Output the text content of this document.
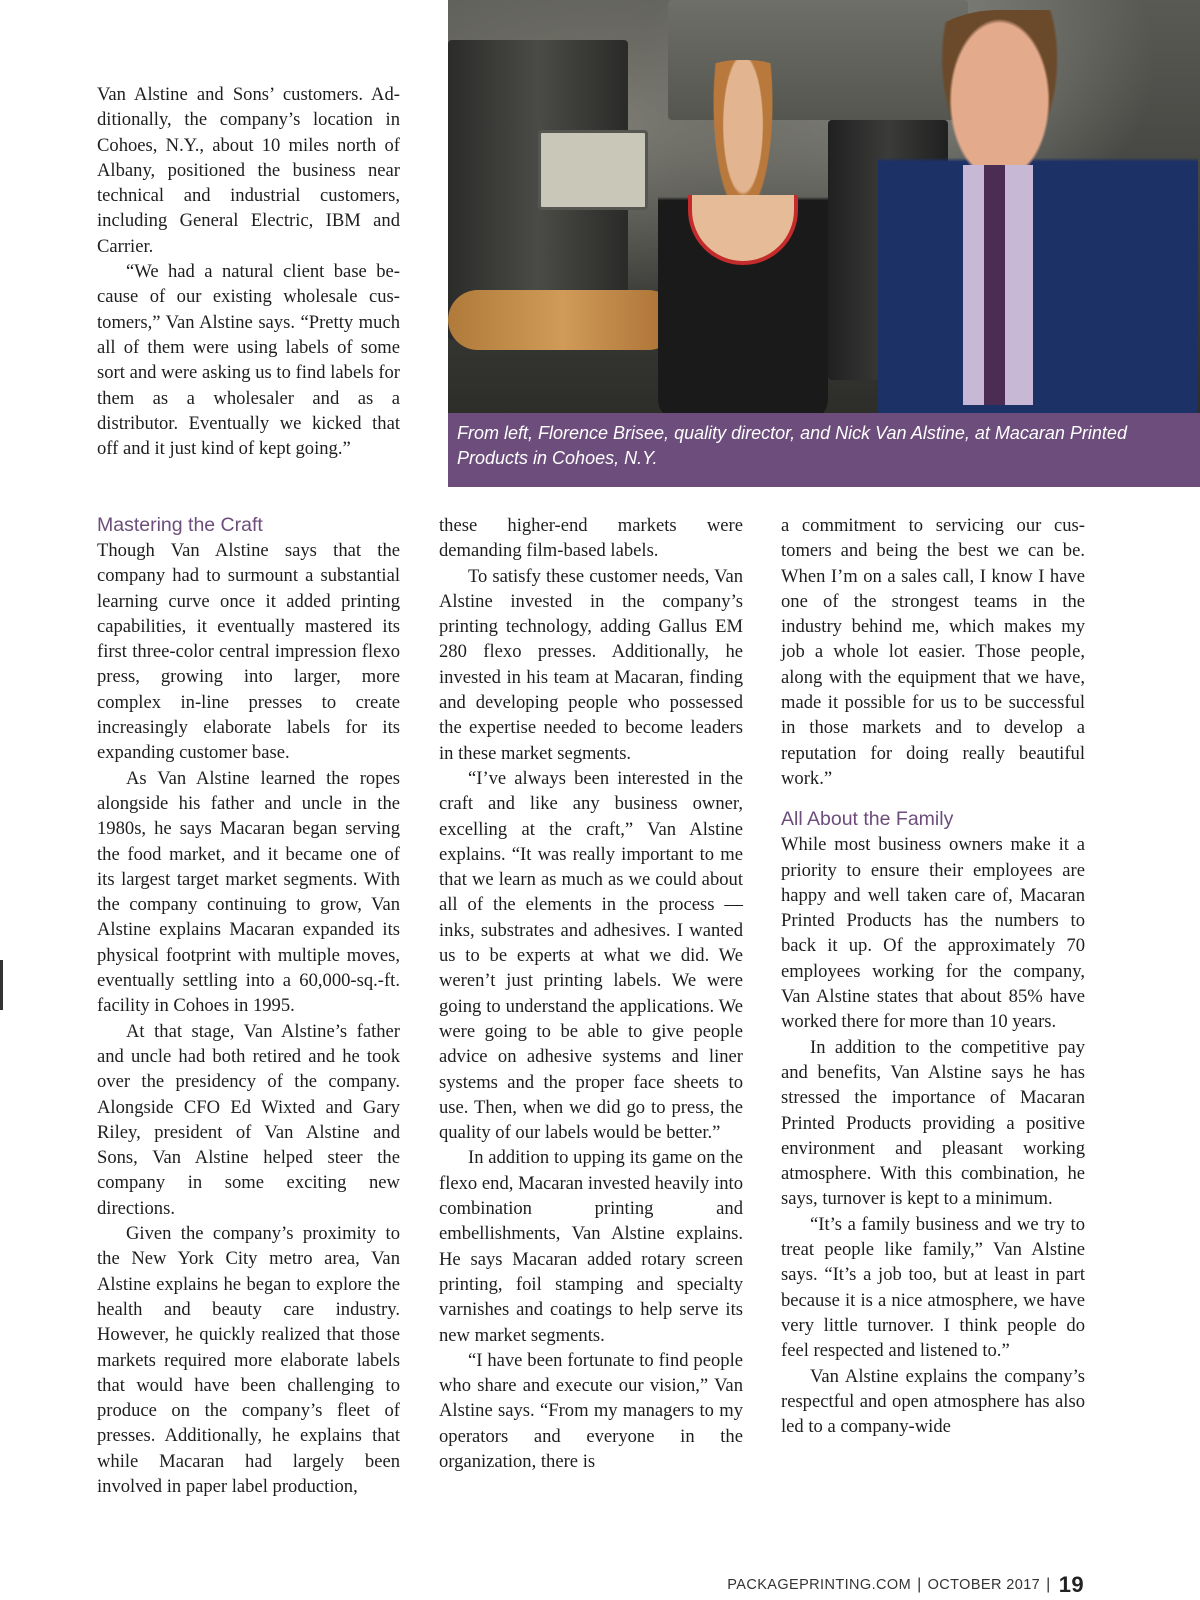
From left, Florence Brisee, quality director, and Nick Van Alstine, at Macaran Printed Products in Cohoes, N.Y.

Van Alstine and Sons’ customers. Additionally, the company’s location in Cohoes, N.Y., about 10 miles north of Albany, positioned the business near technical and industrial customers, including General Electric, IBM and Carrier.

“We had a natural client base because of our existing wholesale customers,” Van Alstine says. “Pretty much all of them were using labels of some sort and were asking us to find labels for them as a wholesaler and as a distributor. Eventually we kicked that off and it just kind of kept going.”

Mastering the Craft

Though Van Alstine says that the company had to surmount a substantial learning curve once it added printing capabilities, it eventually mastered its first three-color central impression flexo press, growing into larger, more complex in-line presses to create increasingly elaborate labels for its expanding customer base.

As Van Alstine learned the ropes alongside his father and uncle in the 1980s, he says Macaran began serving the food market, and it became one of its largest target market segments. With the company continuing to grow, Van Alstine explains Macaran expanded its physical footprint with multiple moves, eventually settling into a 60,000-sq.-ft. facility in Cohoes in 1995.

At that stage, Van Alstine’s father and uncle had both retired and he took over the presidency of the company. Alongside CFO Ed Wixted and Gary Riley, president of Van Alstine and Sons, Van Alstine helped steer the company in some exciting new directions.

Given the company’s proximity to the New York City metro area, Van Alstine explains he began to explore the health and beauty care industry. However, he quickly realized that those markets required more elaborate labels that would have been challenging to produce on the company’s fleet of presses. Additionally, he explains that while Macaran had largely been involved in paper label production,

these higher-end markets were demanding film-based labels.

To satisfy these customer needs, Van Alstine invested in the company’s printing technology, adding Gallus EM 280 flexo presses. Additionally, he invested in his team at Macaran, finding and developing people who possessed the expertise needed to become leaders in these market segments.

“I’ve always been interested in the craft and like any business owner, excelling at the craft,” Van Alstine explains. “It was really important to me that we learn as much as we could about all of the elements in the process — inks, substrates and adhesives. I wanted us to be experts at what we did. We weren’t just printing labels. We were going to understand the applications. We were going to be able to give people advice on adhesive systems and liner systems and the proper face sheets to use. Then, when we did go to press, the quality of our labels would be better.”

In addition to upping its game on the flexo end, Macaran invested heavily into combination printing and embellishments, Van Alstine explains. He says Macaran added rotary screen printing, foil stamping and specialty varnishes and coatings to help serve its new market segments.

“I have been fortunate to find people who share and execute our vision,” Van Alstine says. “From my managers to my operators and everyone in the organization, there is

a commitment to servicing our customers and being the best we can be. When I’m on a sales call, I know I have one of the strongest teams in the industry behind me, which makes my job a whole lot easier. Those people, along with the equipment that we have, made it possible for us to be successful in those markets and to develop a reputation for doing really beautiful work.”

All About the Family

While most business owners make it a priority to ensure their employees are happy and well taken care of, Macaran Printed Products has the numbers to back it up. Of the approximately 70 employees working for the company, Van Alstine states that about 85% have worked there for more than 10 years.

In addition to the competitive pay and benefits, Van Alstine says he has stressed the importance of Macaran Printed Products providing a positive environment and pleasant working atmosphere. With this combination, he says, turnover is kept to a minimum.

“It’s a family business and we try to treat people like family,” Van Alstine says. “It’s a job too, but at least in part because it is a nice atmosphere, we have very little turnover. I think people do feel respected and listened to.”

Van Alstine explains the company’s respectful and open atmosphere has also led to a company-wide

PACKAGEPRINTING.COM | OCTOBER 2017 | 19
